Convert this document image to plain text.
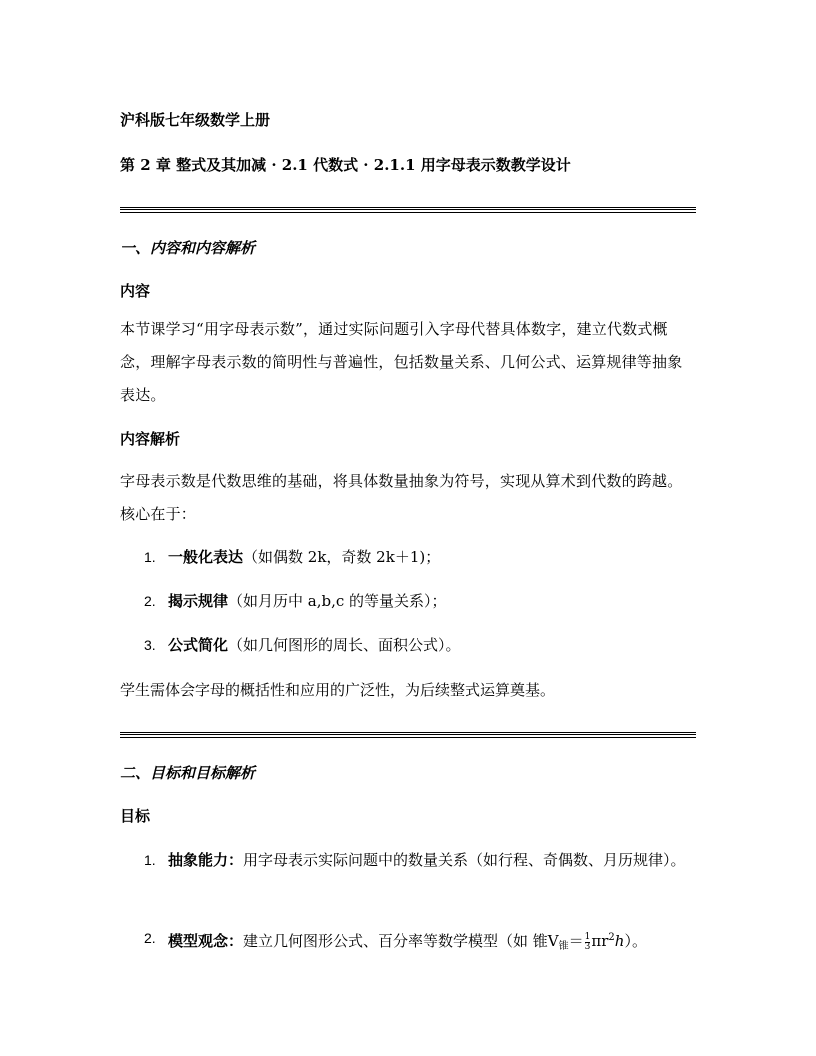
沪科版七年级数学上册
第 2 章 整式及其加减 · 2.1 代数式 · 2.1.1 用字母表示数教学设计
一、内容和内容解析
内容
本节课学习“用字母表示数”，通过实际问题引入字母代替具体数字，建立代数式概念，理解字母表示数的简明性与普遍性，包括数量关系、几何公式、运算规律等抽象表达。
内容解析
字母表示数是代数思维的基础，将具体数量抽象为符号，实现从算术到代数的跨越。核心在于：
1. 一般化表达（如偶数 2k，奇数 2k＋1)；
2. 揭示规律（如月历中 a,b,c 的等量关系）；
3. 公式简化（如几何图形的周长、面积公式）。
学生需体会字母的概括性和应用的广泛性，为后续整式运算奠基。
二、目标和目标解析
目标
1. 抽象能力：用字母表示实际问题中的数量关系（如行程、奇偶数、月历规律）。
2. 模型观念：建立几何图形公式、百分率等数学模型（如 锥$V_锥= \frac{1}{3} \pi r^2h$）。
